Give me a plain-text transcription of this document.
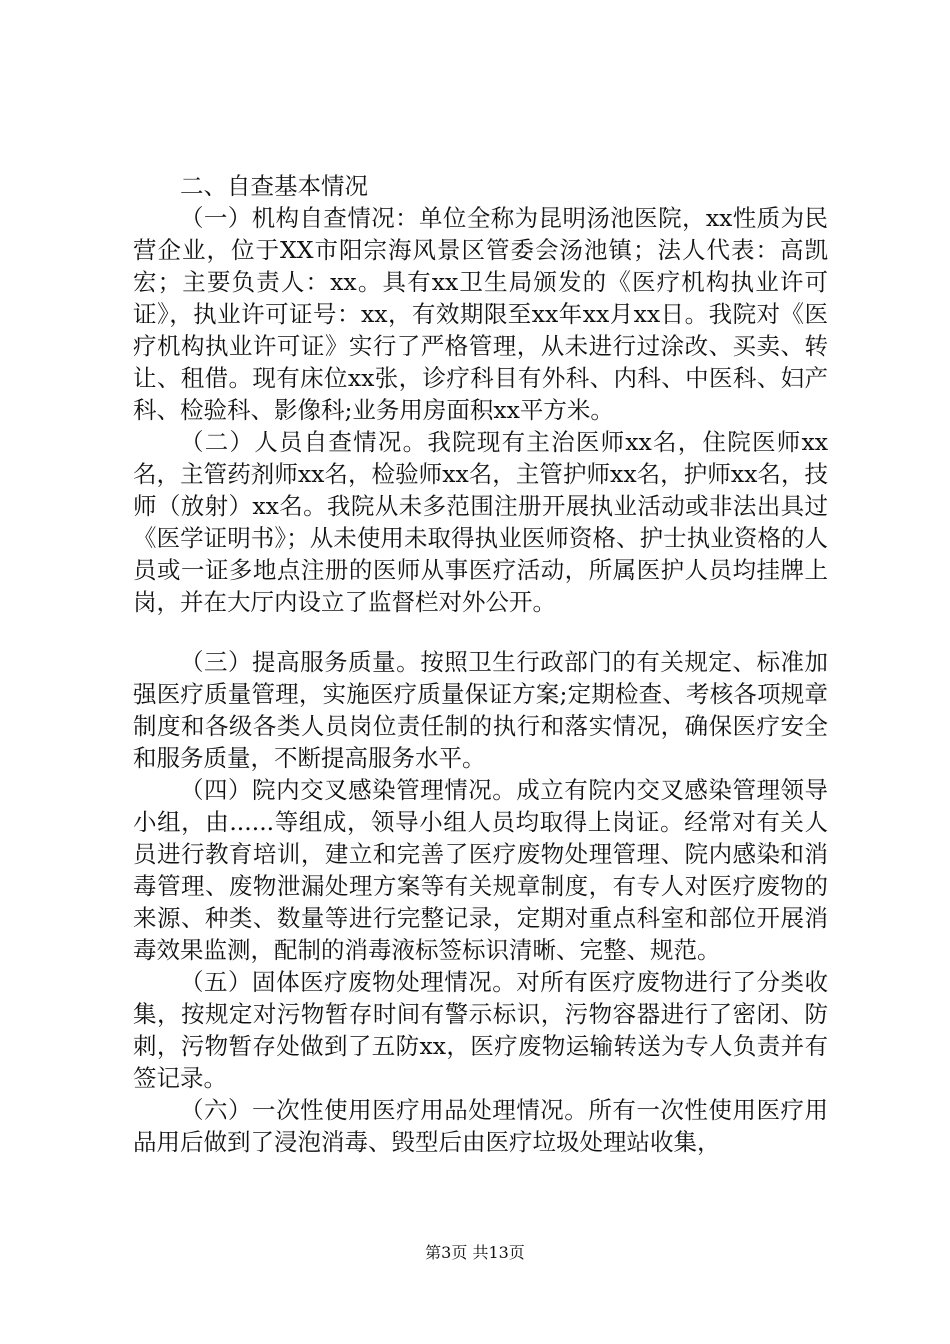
二、自查基本情况

（一）机构自查情况：单位全称为昆明汤池医院，xx性质为民营企业，位于XX市阳宗海风景区管委会汤池镇；法人代表：高凯宏；主要负责人：xx。具有xx卫生局颁发的《医疗机构执业许可证》，执业许可证号：xx，有效期限至xx年xx月xx日。我院对《医疗机构执业许可证》实行了严格管理，从未进行过涂改、买卖、转让、租借。现有床位xx张，诊疗科目有外科、内科、中医科、妇产科、检验科、影像科;业务用房面积xx平方米。

（二）人员自查情况。我院现有主治医师xx名，住院医师xx名，主管药剂师xx名，检验师xx名，主管护师xx名，护师xx名，技师（放射）xx名。我院从未多范围注册开展执业活动或非法出具过《医学证明书》；从未使用未取得执业医师资格、护士执业资格的人员或一证多地点注册的医师从事医疗活动，所属医护人员均挂牌上岗，并在大厅内设立了监督栏对外公开。

（三）提高服务质量。按照卫生行政部门的有关规定、标准加强医疗质量管理，实施医疗质量保证方案;定期检查、考核各项规章制度和各级各类人员岗位责任制的执行和落实情况，确保医疗安全和服务质量，不断提高服务水平。

（四）院内交叉感染管理情况。成立有院内交叉感染管理领导小组，由......等组成，领导小组人员均取得上岗证。经常对有关人员进行教育培训，建立和完善了医疗废物处理管理、院内感染和消毒管理、废物泄漏处理方案等有关规章制度，有专人对医疗废物的来源、种类、数量等进行完整记录，定期对重点科室和部位开展消毒效果监测，配制的消毒液标签标识清晰、完整、规范。

（五）固体医疗废物处理情况。对所有医疗废物进行了分类收集，按规定对污物暂存时间有警示标识，污物容器进行了密闭、防刺，污物暂存处做到了五防xx，医疗废物运输转送为专人负责并有签记录。

（六）一次性使用医疗用品处理情况。所有一次性使用医疗用品用后做到了浸泡消毒、毁型后由医疗垃圾处理站收集，

第3页 共13页
